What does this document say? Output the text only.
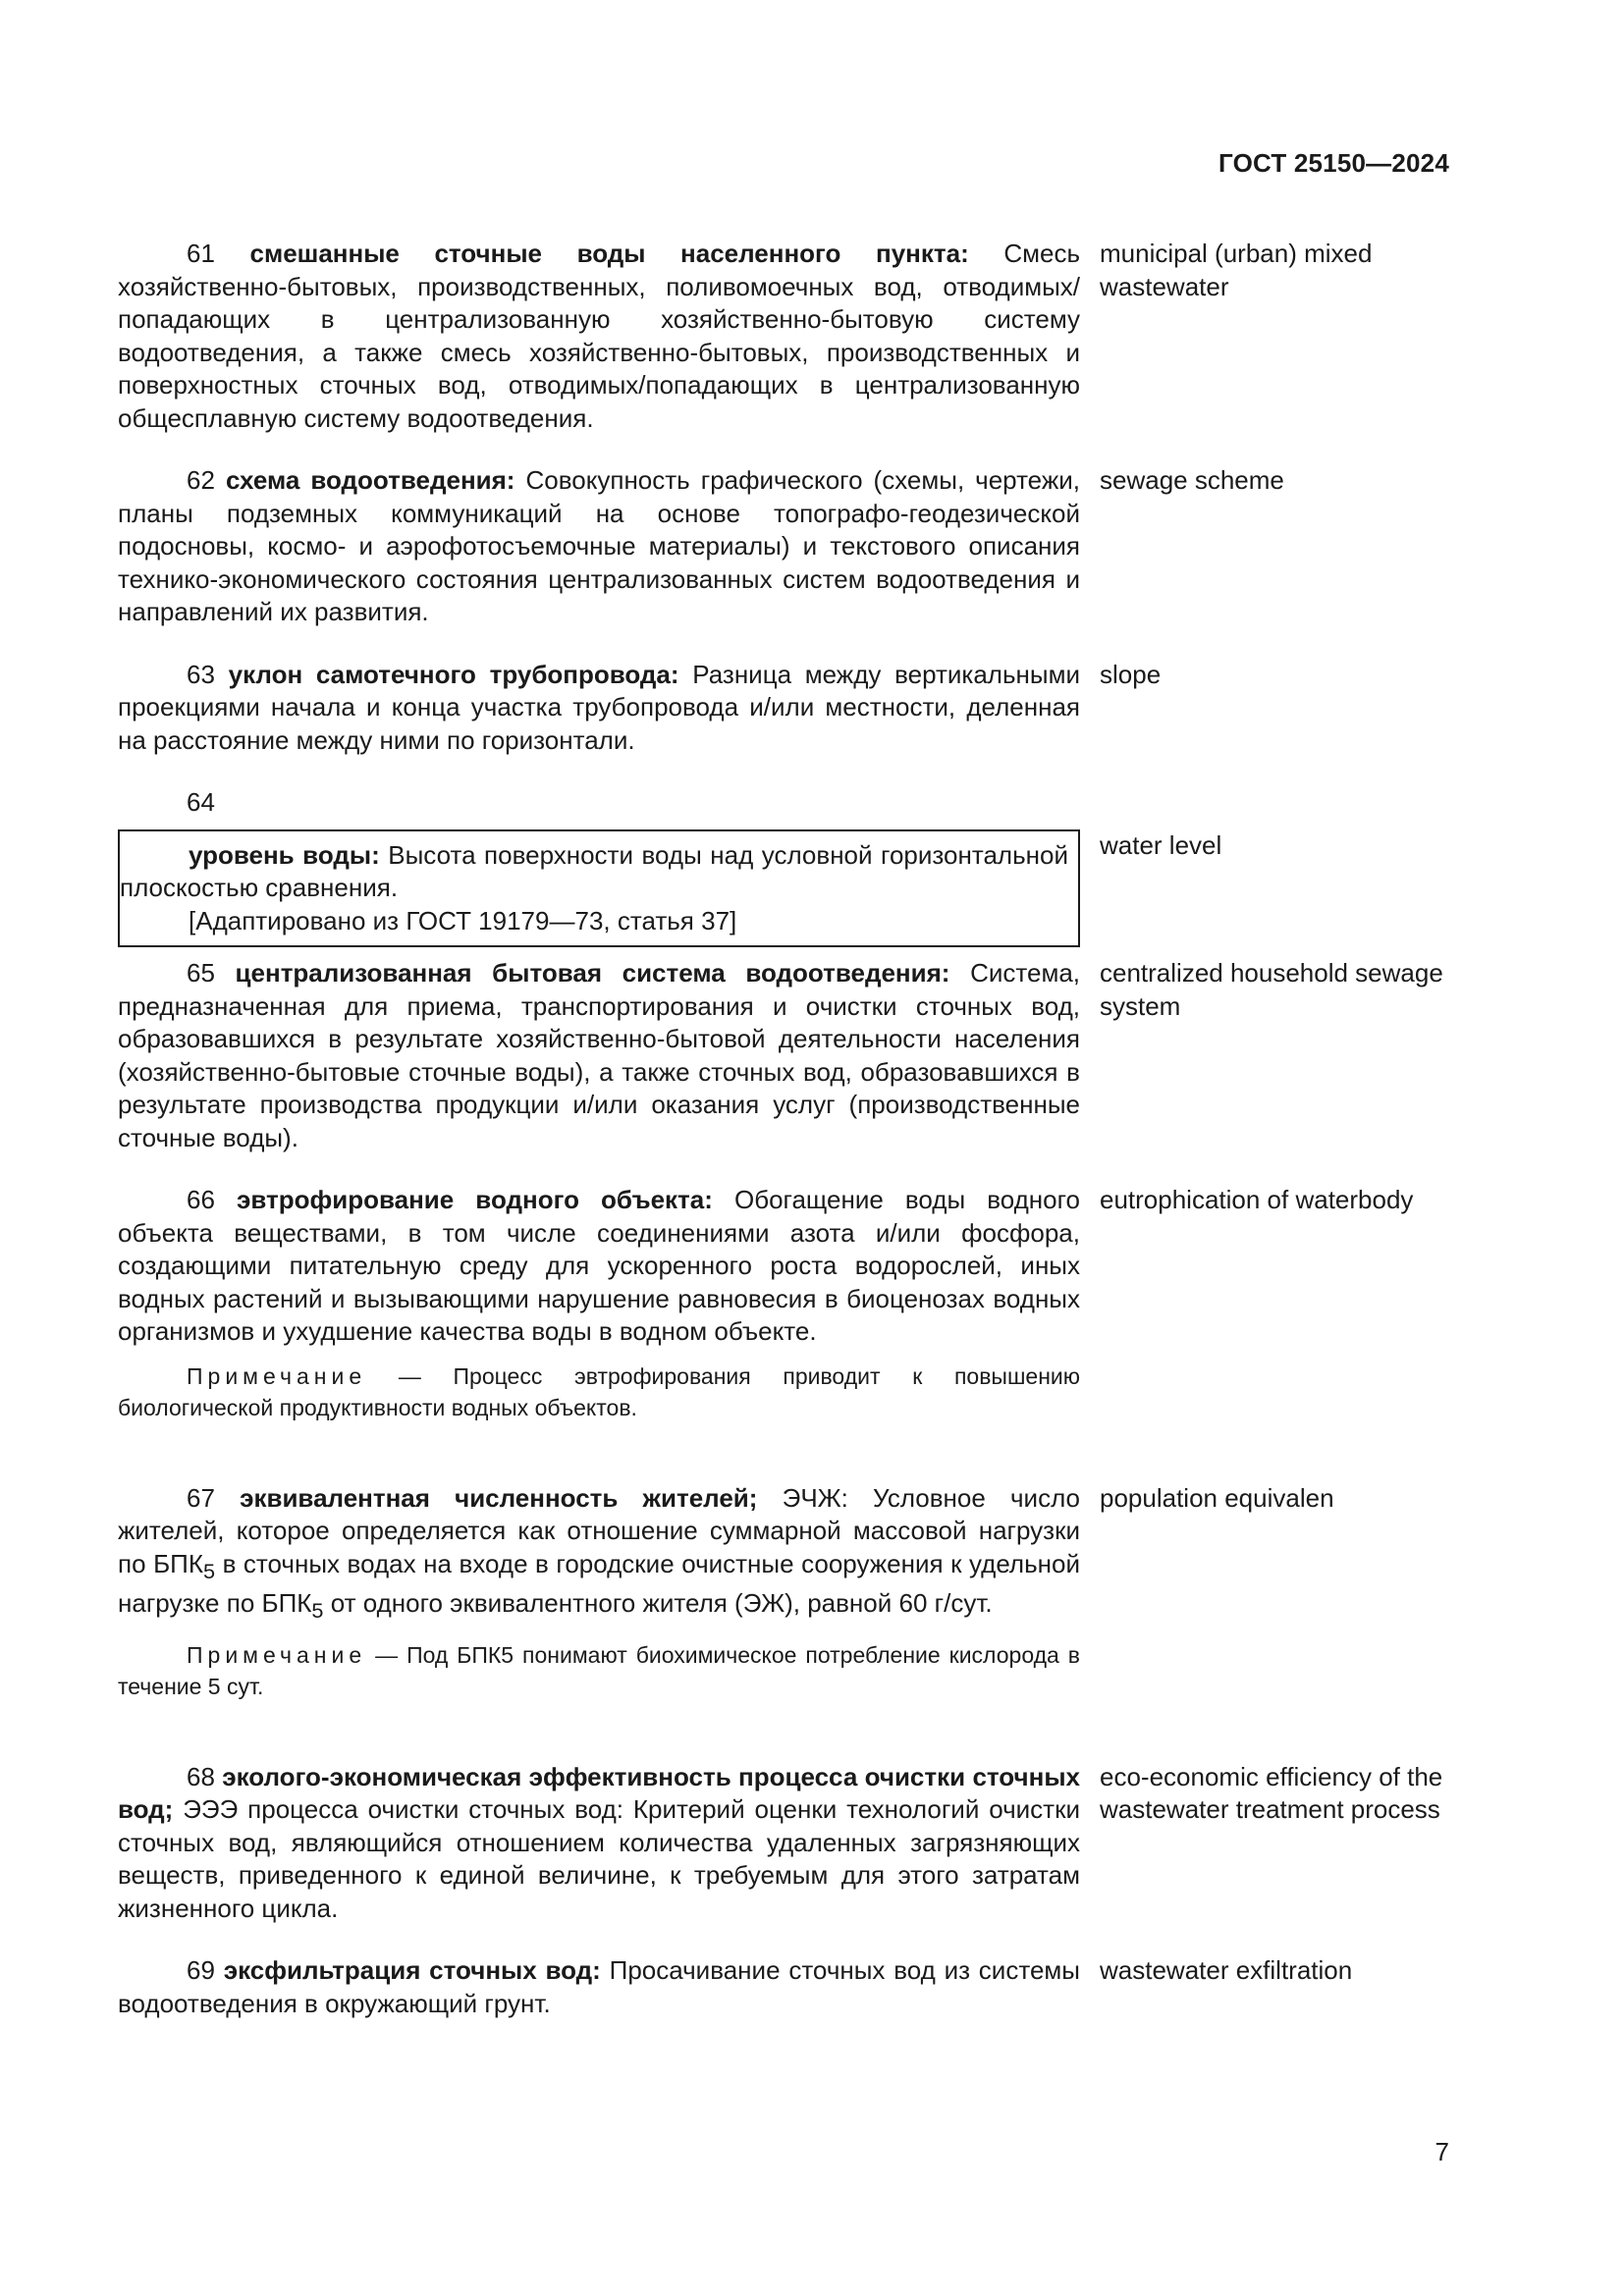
ГОСТ 25150—2024

61 смешанные сточные воды населенного пункта: Смесь хозяйственно-бытовых, производственных, поливомоечных вод, отводимых/попадающих в централизованную хозяйственно-бытовую систему водоотведения, а также смесь хозяйственно-бытовых, производственных и поверхностных сточных вод, отводимых/попадающих в централизованную общесплавную систему водоотведения.

municipal (urban) mixed wastewater

62 схема водоотведения: Совокупность графического (схемы, чертежи, планы подземных коммуникаций на основе топографо-геодезической подосновы, космо- и аэрофотосъемочные материалы) и текстового описания технико-экономического состояния централизованных систем водоотведения и направлений их развития.

sewage scheme

63 уклон самотечного трубопровода: Разница между вертикальными проекциями начала и конца участка трубопровода и/или местности, деленная на расстояние между ними по горизонтали.

slope
64

уровень воды: Высота поверхности воды над условной горизонтальной плоскостью сравнения.

[Адаптировано из ГОСТ 19179—73, статья 37]

water level

65 централизованная бытовая система водоотведения: Система, предназначенная для приема, транспортирования и очистки сточных вод, образовавшихся в результате хозяйственно-бытовой деятельности населения (хозяйственно-бытовые сточные воды), а также сточных вод, образовавшихся в результате производства продукции и/или оказания услуг (производственные сточные воды).

centralized household sewage system

66 эвтрофирование водного объекта: Обогащение воды водного объекта веществами, в том числе соединениями азота и/или фосфора, создающими питательную среду для ускоренного роста водорослей, иных водных растений и вызывающими нарушение равновесия в биоценозах водных организмов и ухудшение качества воды в водном объекте.

Примечание — Процесс эвтрофирования приводит к повышению биологической продуктивности водных объектов.
eutrophication of waterbody

67 эквивалентная численность жителей; ЭЧЖ: Условное число жителей, которое определяется как отношение суммарной массовой нагрузки по $БПК_5$ в сточных водах на входе в городские очистные сооружения к удельной нагрузке по $БПК_5$ от одного эквивалентного жителя (ЭЖ), равной 60 г/сут.

Примечание — Под БПК5 понимают биохимическое потребление кислорода в течение 5 сут.
population equivalen

68 эколого-экономическая эффективность процесса очистки сточных вод; ЭЭЭ процесса очистки сточных вод: Критерий оценки технологий очистки сточных вод, являющийся отношением количества удаленных загрязняющих веществ, приведенного к единой величине, к требуемым для этого затратам жизненного цикла.

eco-economic efficiency of the wastewater treatment process

69 эксфильтрация сточных вод: Просачивание сточных вод из системы водоотведения в окружающий грунт.

wastewater exfiltration
7
